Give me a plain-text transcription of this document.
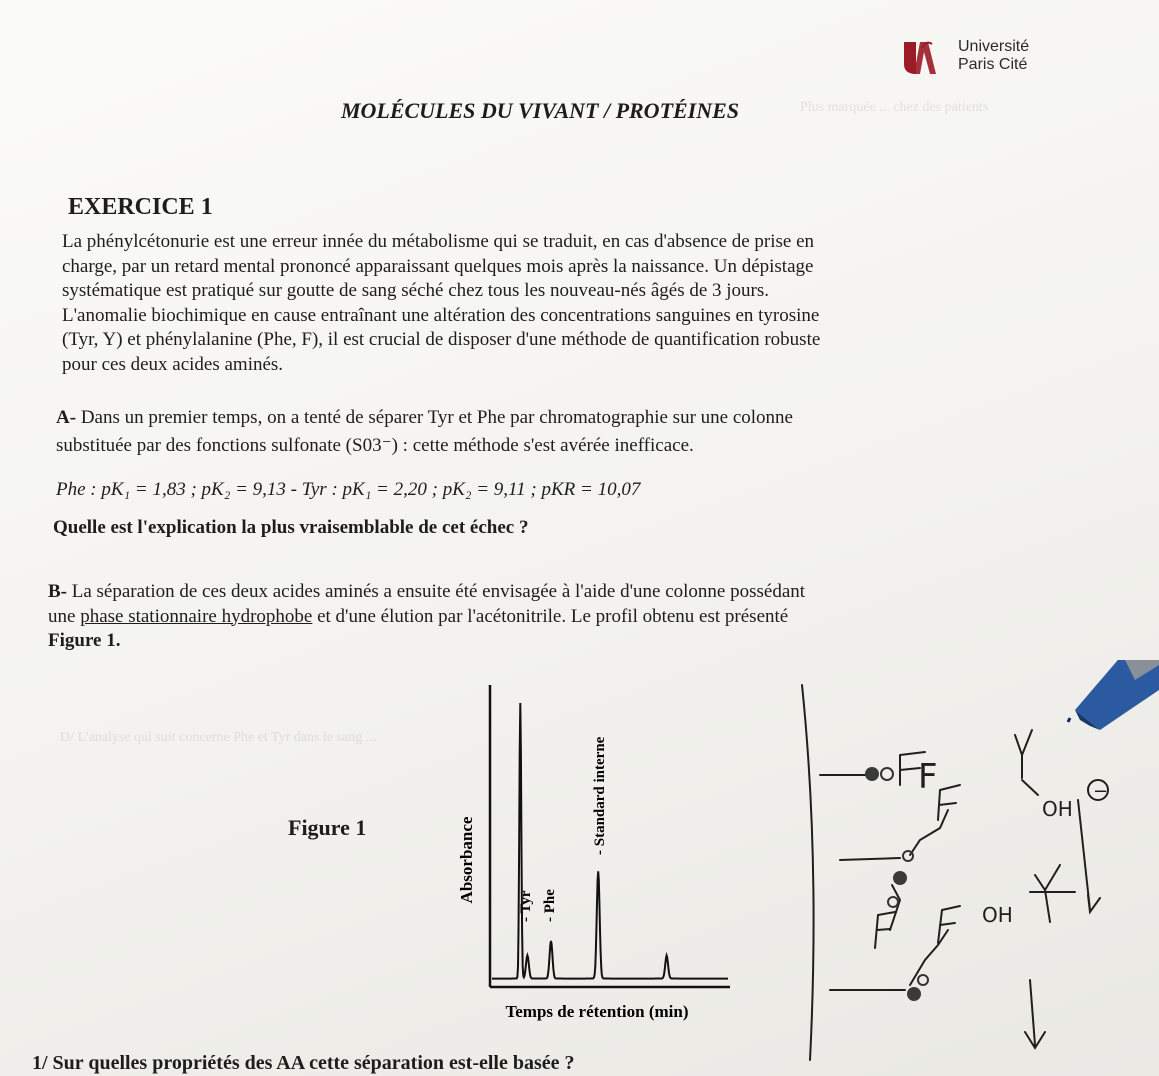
Plus marquée ... chez des patients
D/ L'analyse qui suit concerne Phe et Tyr dans le sang ...
Université
Paris Cité
MOLÉCULES DU VIVANT / PROTÉINES
EXERCICE 1
La phénylcétonurie est une erreur innée du métabolisme qui se traduit, en cas d'absence de prise en
charge, par un retard mental prononcé apparaissant quelques mois après la naissance. Un dépistage
systématique est pratiqué sur goutte de sang séché chez tous les nouveau-nés âgés de 3 jours.
L'anomalie biochimique en cause entraînant une altération des concentrations sanguines en tyrosine
(Tyr, Y) et phénylalanine (Phe, F), il est crucial de disposer d'une méthode de quantification robuste
pour ces deux acides aminés.
A- Dans un premier temps, on a tenté de séparer Tyr et Phe par chromatographie sur une colonne
substituée par des fonctions sulfonate (S03⁻) : cette méthode s'est avérée inefficace.
Phe : pK₁ = 1,83 ; pK₂ = 9,13 - Tyr : pK₁ = 2,20 ; pK₂ = 9,11 ; pKR = 10,07
Quelle est l'explication la plus vraisemblable de cet échec ?
B- La séparation de ces deux acides aminés a ensuite été envisagée à l'aide d'une colonne possédant
une phase stationnaire hydrophobe et d'une élution par l'acétonitrile. Le profil obtenu est présenté
Figure 1.
Figure 1	Absorbance
Temps de rétention (min)
- Tyr - Phe
- Standard interne
1/ Sur quelles propriétés des AA cette séparation est-elle basée ?
F
OH
−
OH
